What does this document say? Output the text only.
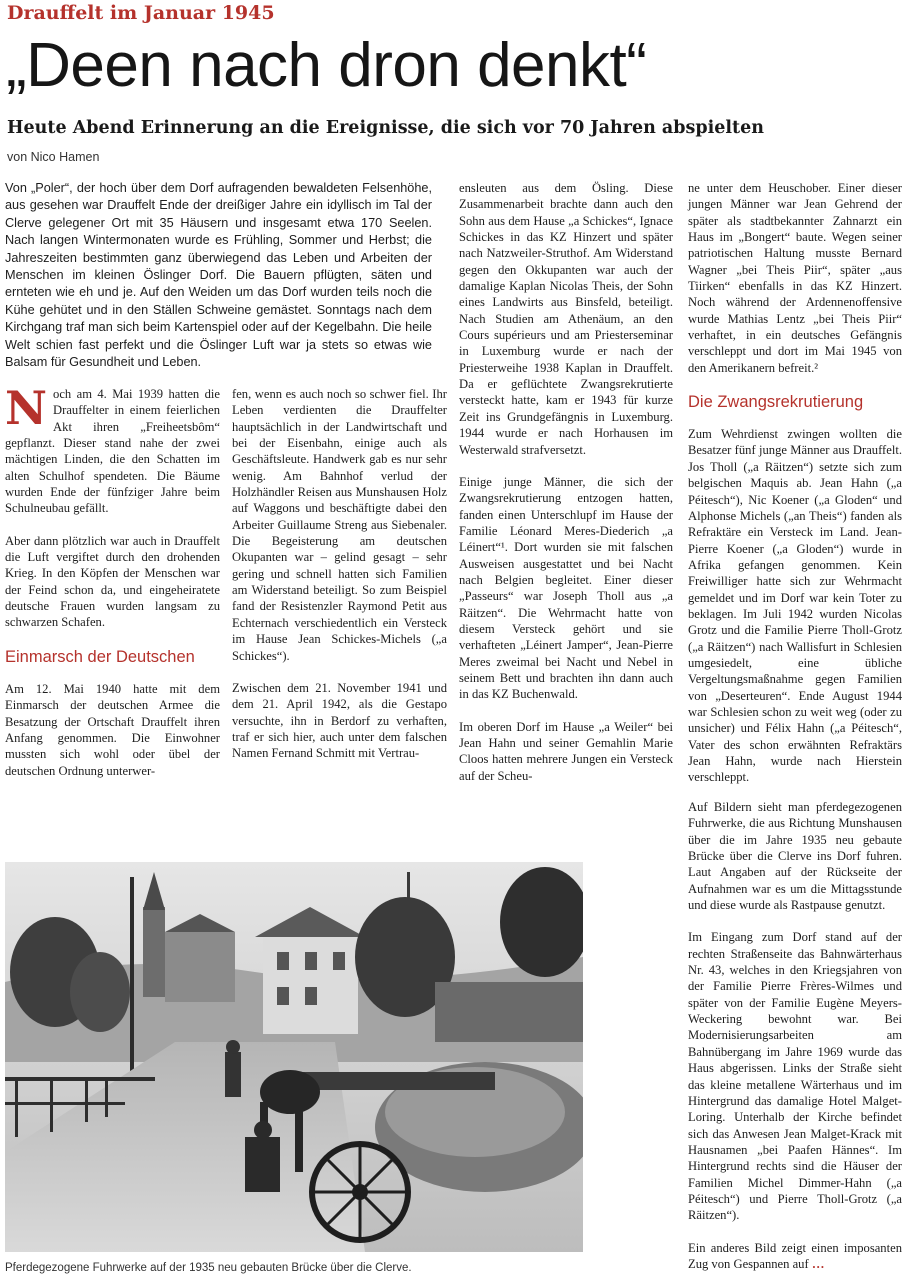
Drauffelt im Januar 1945
„Deen nach dron denkt“
Heute Abend Erinnerung an die Ereignisse, die sich vor 70 Jahren abspielten
von Nico Hamen

Von „Poler“, der hoch über dem Dorf aufragenden bewaldeten Felsenhöhe, aus gesehen war Drauffelt Ende der dreißiger Jahre ein idyllisch im Tal der Clerve gelegener Ort mit 35 Häusern und insgesamt etwa 170 Seelen. Nach langen Wintermonaten wurde es Frühling, Sommer und Herbst; die Jahreszeiten bestimmten ganz überwiegend das Leben und Arbeiten der Menschen im kleinen Öslinger Dorf. Die Bauern pflügten, säten und ernteten wie eh und je. Auf den Weiden um das Dorf wurden teils noch die Kühe gehütet und in den Ställen Schweine gemästet. Sonntags nach dem Kirchgang traf man sich beim Kartenspiel oder auf der Kegelbahn. Die heile Welt schien fast perfekt und die Öslinger Luft war ja stets so etwas wie Balsam für Gesundheit und Leben.

Noch am 4. Mai 1939 hatten die Drauffelter in einem feierlichen Akt ihren „Freiheetsbôm“ gepflanzt. Dieser stand nahe der zwei mächtigen Linden, die den Schatten im alten Schulhof spendeten. Die Bäume wurden Ende der fünfziger Jahre beim Schulneubau gefällt.

Aber dann plötzlich war auch in Drauffelt die Luft vergiftet durch den drohenden Krieg. In den Köpfen der Menschen war der Feind schon da, und eingeheiratete deutsche Frauen wurden langsam zu schwarzen Schafen.

Einmarsch der Deutschen

Am 12. Mai 1940 hatte mit dem Einmarsch der deutschen Armee die Besatzung der Ortschaft Drauffelt ihren Anfang genommen. Die Einwohner mussten sich wohl oder übel der deutschen Ordnung unterwer-

fen, wenn es auch noch so schwer fiel. Ihr Leben verdienten die Drauffelter hauptsächlich in der Landwirtschaft und bei der Eisenbahn, einige auch als Geschäftsleute. Handwerk gab es nur sehr wenig. Am Bahnhof verlud der Holzhändler Reisen aus Munshausen Holz auf Waggons und beschäftigte dabei den Arbeiter Guillaume Streng aus Siebenaler. Die Begeisterung am deutschen Okupanten war – gelind gesagt – sehr gering und schnell hatten sich Familien am Widerstand beteiligt. So zum Beispiel fand der Resistenzler Raymond Petit aus Echternach verschiedentlich ein Versteck im Hause Jean Schickes-Michels („a Schickes“).

Zwischen dem 21. November 1941 und dem 21. April 1942, als die Gestapo versuchte, ihn in Berdorf zu verhaften, traf er sich hier, auch unter dem falschen Namen Fernand Schmitt mit Vertrau-

ensleuten aus dem Ösling. Diese Zusammenarbeit brachte dann auch den Sohn aus dem Hause „a Schickes“, Ignace Schickes in das KZ Hinzert und später nach Natzweiler-Struthof. Am Widerstand gegen den Okkupanten war auch der damalige Kaplan Nicolas Theis, der Sohn eines Landwirts aus Binsfeld, beteiligt. Nach Studien am Athenäum, an den Cours supérieurs und am Priesterseminar in Luxemburg wurde er nach der Priesterweihe 1938 Kaplan in Drauffelt. Da er geflüchtete Zwangsrekrutierte versteckt hatte, kam er 1943 für kurze Zeit ins Grundgefängnis in Luxemburg. 1944 wurde er nach Horhausen im Westerwald strafversetzt.

Einige junge Männer, die sich der Zwangsrekrutierung entzogen hatten, fanden einen Unterschlupf im Hause der Familie Léonard Meres-Diederich „a Léinert“¹. Dort wurden sie mit falschen Ausweisen ausgestattet und bei Nacht nach Belgien begleitet. Einer dieser „Passeurs“ war Joseph Tholl aus „a Räitzen“. Die Wehrmacht hatte von diesem Versteck gehört und sie verhafteten „Léinert Jamper“, Jean-Pierre Meres zweimal bei Nacht und Nebel in seinem Bett und brachten ihn dann auch in das KZ Buchenwald.

Im oberen Dorf im Hause „a Weiler“ bei Jean Hahn und seiner Gemahlin Marie Cloos hatten mehrere Jungen ein Versteck auf der Scheu-

ne unter dem Heuschober. Einer dieser jungen Männer war Jean Gehrend der später als stadtbekannter Zahnarzt ein Haus im „Bongert“ baute. Wegen seiner patriotischen Haltung musste Bernard Wagner „bei Theis Piir“, später „aus Tiirken“ ebenfalls in das KZ Hinzert. Noch während der Ardennenoffensive wurde Mathias Lentz „bei Theis Piir“ verhaftet, in ein deutsches Gefängnis verschleppt und dort im Mai 1945 von den Amerikanern befreit.²

Die Zwangsrekrutierung

Zum Wehrdienst zwingen wollten die Besatzer fünf junge Männer aus Drauffelt. Jos Tholl („a Räitzen“) setzte sich zum belgischen Maquis ab. Jean Hahn („a Péitesch“), Nic Koener („a Gloden“ und Alphonse Michels („an Theis“) fanden als Refraktäre ein Versteck im Land. Jean-Pierre Koener („a Gloden“) wurde in Afrika gefangen genommen. Kein Freiwilliger hatte sich zur Wehrmacht gemeldet und im Dorf war kein Toter zu beklagen. Im Juli 1942 wurden Nicolas Grotz und die Familie Pierre Tholl-Grotz („a Räitzen“) nach Wallisfurt in Schlesien umgesiedelt, eine übliche Vergeltungsmaßnahme gegen Familien von „Deserteuren“. Ende August 1944 war Schlesien schon zu weit weg (oder zu unsicher) und Félix Hahn („a Péitesch“, Vater des schon erwähnten Refraktärs Jean Hahn, wurde nach Hierstein verschleppt.

Auf Bildern sieht man pferdegezogenen Fuhrwerke, die aus Richtung Munshausen über die im Jahre 1935 neu gebaute Brücke über die Clerve ins Dorf fuhren. Laut Angaben auf der Rückseite der Aufnahmen war es um die Mittagsstunde und diese wurde als Rastpause genutzt.

Im Eingang zum Dorf stand auf der rechten Straßenseite das Bahnwärterhaus Nr. 43, welches in den Kriegsjahren von der Familie Pierre Frères-Wilmes und später von der Familie Eugène Meyers-Weckering bewohnt war. Bei Modernisierungsarbeiten am Bahnübergang im Jahre 1969 wurde das Haus abgerissen. Links der Straße sieht das kleine metallene Wärterhaus und im Hintergrund das damalige Hotel Malget-Loring. Unterhalb der Kirche befindet sich das Anwesen Jean Malget-Krack mit Hausnamen „bei Paafen Hännes“. Im Hintergrund rechts sind die Häuser der Familien Michel Dimmer-Hahn („a Péitesch“) und Pierre Tholl-Grotz („a Räitzen“).

Ein anderes Bild zeigt einen imposanten Zug von Gespannen auf …

Pferdegezogene Fuhrwerke auf der 1935 neu gebauten Brücke über die Clerve.
